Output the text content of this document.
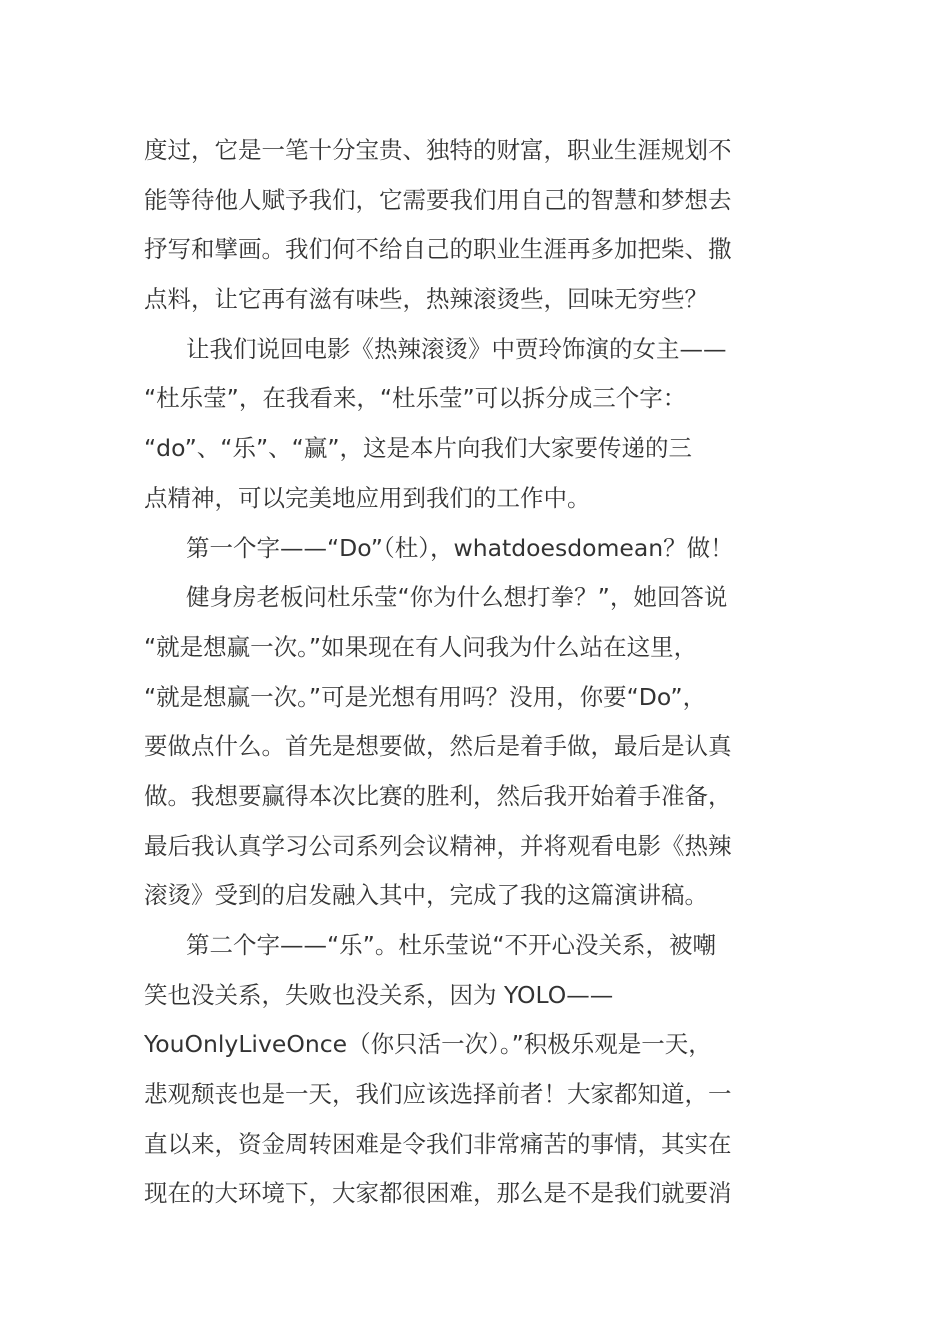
度过，它是一笔十分宝贵、独特的财富，职业生涯规划不
能等待他人赋予我们，它需要我们用自己的智慧和梦想去
抒写和擘画。我们何不给自己的职业生涯再多加把柴、撒
点料，让它再有滋有味些，热辣滚烫些，回味无穷些？
让我们说回电影《热辣滚烫》中贾玲饰演的女主——
“杜乐莹”，在我看来，“杜乐莹”可以拆分成三个字：
“do”、“乐”、“赢”，这是本片向我们大家要传递的三
点精神，可以完美地应用到我们的工作中。
第一个字——“Do”（杜），whatdoesdomean？做！
健身房老板问杜乐莹“你为什么想打拳？”，她回答说
“就是想赢一次。”如果现在有人问我为什么站在这里，
“就是想赢一次。”可是光想有用吗？没用，你要“Do”，
要做点什么。首先是想要做，然后是着手做，最后是认真
做。我想要赢得本次比赛的胜利，然后我开始着手准备，
最后我认真学习公司系列会议精神，并将观看电影《热辣
滚烫》受到的启发融入其中，完成了我的这篇演讲稿。
第二个字——“乐”。杜乐莹说“不开心没关系，被嘲
笑也没关系，失败也没关系，因为 YOLO——
YouOnlyLiveOnce（你只活一次）。”积极乐观是一天，
悲观颓丧也是一天，我们应该选择前者！大家都知道，一
直以来，资金周转困难是令我们非常痛苦的事情，其实在
现在的大环境下，大家都很困难，那么是不是我们就要消
